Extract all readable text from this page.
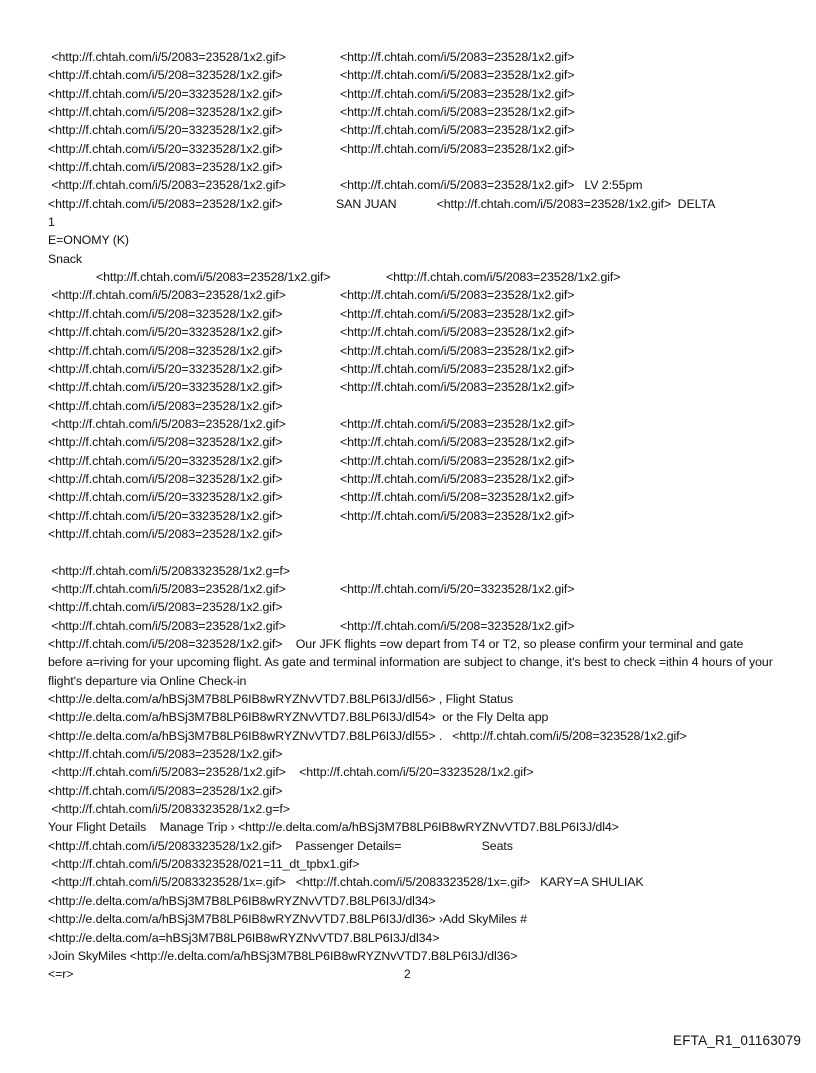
<http://f.chtah.com/i/5/2083=23528/1x2.gif>	<http://f.chtah.com/i/5/2083=23528/1x2.gif>
<http://f.chtah.com/i/5/208=323528/1x2.gif>	<http://f.chtah.com/i/5/2083=23528/1x2.gif>
<http://f.chtah.com/i/5/20=3323528/1x2.gif>	<http://f.chtah.com/i/5/2083=23528/1x2.gif>
<http://f.chtah.com/i/5/208=323528/1x2.gif>	<http://f.chtah.com/i/5/2083=23528/1x2.gif>
<http://f.chtah.com/i/5/20=3323528/1x2.gif>	<http://f.chtah.com/i/5/2083=23528/1x2.gif>
<http://f.chtah.com/i/5/20=3323528/1x2.gif>	<http://f.chtah.com/i/5/2083=23528/1x2.gif>
<http://f.chtah.com/i/5/2083=23528/1x2.gif>
<http://f.chtah.com/i/5/2083=23528/1x2.gif>	<http://f.chtah.com/i/5/2083=23528/1x2.gif>   LV 2:55pm
<http://f.chtah.com/i/5/2083=23528/1x2.gif>	SAN JUAN            <http://f.chtah.com/i/5/2083=23528/1x2.gif>  DELTA
1
E=ONOMY (K)
Snack
<http://f.chtah.com/i/5/2083=23528/1x2.gif>	<http://f.chtah.com/i/5/2083=23528/1x2.gif>
<http://f.chtah.com/i/5/2083=23528/1x2.gif>	<http://f.chtah.com/i/5/2083=23528/1x2.gif>
<http://f.chtah.com/i/5/208=323528/1x2.gif>	<http://f.chtah.com/i/5/2083=23528/1x2.gif>
<http://f.chtah.com/i/5/20=3323528/1x2.gif>	<http://f.chtah.com/i/5/2083=23528/1x2.gif>
<http://f.chtah.com/i/5/208=323528/1x2.gif>	<http://f.chtah.com/i/5/2083=23528/1x2.gif>
<http://f.chtah.com/i/5/20=3323528/1x2.gif>	<http://f.chtah.com/i/5/2083=23528/1x2.gif>
<http://f.chtah.com/i/5/20=3323528/1x2.gif>	<http://f.chtah.com/i/5/2083=23528/1x2.gif>
<http://f.chtah.com/i/5/2083=23528/1x2.gif>
<http://f.chtah.com/i/5/2083=23528/1x2.gif>	<http://f.chtah.com/i/5/2083=23528/1x2.gif>
<http://f.chtah.com/i/5/208=323528/1x2.gif>	<http://f.chtah.com/i/5/2083=23528/1x2.gif>
<http://f.chtah.com/i/5/20=3323528/1x2.gif>	<http://f.chtah.com/i/5/2083=23528/1x2.gif>
<http://f.chtah.com/i/5/208=323528/1x2.gif>	<http://f.chtah.com/i/5/2083=23528/1x2.gif>
<http://f.chtah.com/i/5/20=3323528/1x2.gif>	<http://f.chtah.com/i/5/208=323528/1x2.gif>
<http://f.chtah.com/i/5/20=3323528/1x2.gif>	<http://f.chtah.com/i/5/2083=23528/1x2.gif>
<http://f.chtah.com/i/5/2083=23528/1x2.gif>
<http://f.chtah.com/i/5/2083323528/1x2.g=f>
<http://f.chtah.com/i/5/2083=23528/1x2.gif>	<http://f.chtah.com/i/5/20=3323528/1x2.gif>
<http://f.chtah.com/i/5/2083=23528/1x2.gif>
<http://f.chtah.com/i/5/2083=23528/1x2.gif>	<http://f.chtah.com/i/5/208=323528/1x2.gif>
<http://f.chtah.com/i/5/208=323528/1x2.gif>    Our JFK flights =ow depart from T4 or T2, so please confirm your terminal and gate before a=riving for your upcoming flight. As gate and terminal information are subject to change, it's best to check =ithin 4 hours of your flight's departure via Online Check-in
<http://e.delta.com/a/hBSj3M7B8LP6IB8wRYZNvVTD7.B8LP6I3J/dl56> , Flight Status
<http://e.delta.com/a/hBSj3M7B8LP6IB8wRYZNvVTD7.B8LP6I3J/dl54>  or the Fly Delta app
<http://e.delta.com/a/hBSj3M7B8LP6IB8wRYZNvVTD7.B8LP6I3J/dl55> .   <http://f.chtah.com/i/5/208=323528/1x2.gif>
<http://f.chtah.com/i/5/2083=23528/1x2.gif>
<http://f.chtah.com/i/5/2083=23528/1x2.gif>    <http://f.chtah.com/i/5/20=3323528/1x2.gif>
<http://f.chtah.com/i/5/2083=23528/1x2.gif>
<http://f.chtah.com/i/5/2083323528/1x2.g=f>
Your Flight Details    Manage Trip › <http://e.delta.com/a/hBSj3M7B8LP6IB8wRYZNvVTD7.B8LP6I3J/dl4>
<http://f.chtah.com/i/5/2083323528/1x2.gif>    Passenger Details=                        Seats
<http://f.chtah.com/i/5/2083323528/021=11_dt_tpbx1.gif>
<http://f.chtah.com/i/5/2083323528/1x=.gif>   <http://f.chtah.com/i/5/2083323528/1x=.gif>   KARY=A SHULIAK
<http://e.delta.com/a/hBSj3M7B8LP6IB8wRYZNvVTD7.B8LP6I3J/dl34>
<http://e.delta.com/a/hBSj3M7B8LP6IB8wRYZNvVTD7.B8LP6I3J/dl36> ›Add SkyMiles #
<http://e.delta.com/a=hBSj3M7B8LP6IB8wRYZNvVTD7.B8LP6I3J/dl34>
›Join SkyMiles <http://e.delta.com/a/hBSj3M7B8LP6IB8wRYZNvVTD7.B8LP6I3J/dl36>
<=r>	2
EFTA_R1_01163079
